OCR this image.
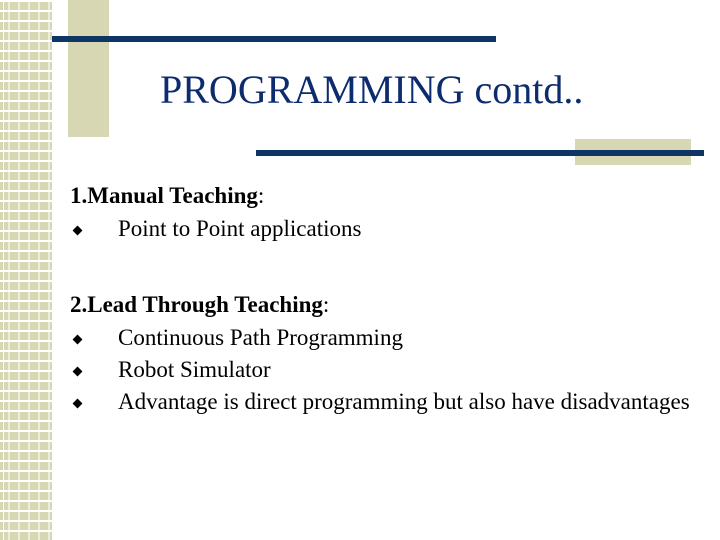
PROGRAMMING contd..
1.Manual Teaching:
Point to Point applications
2.Lead Through Teaching:
Continuous Path Programming
Robot Simulator
Advantage is direct programming but also have disadvantages
